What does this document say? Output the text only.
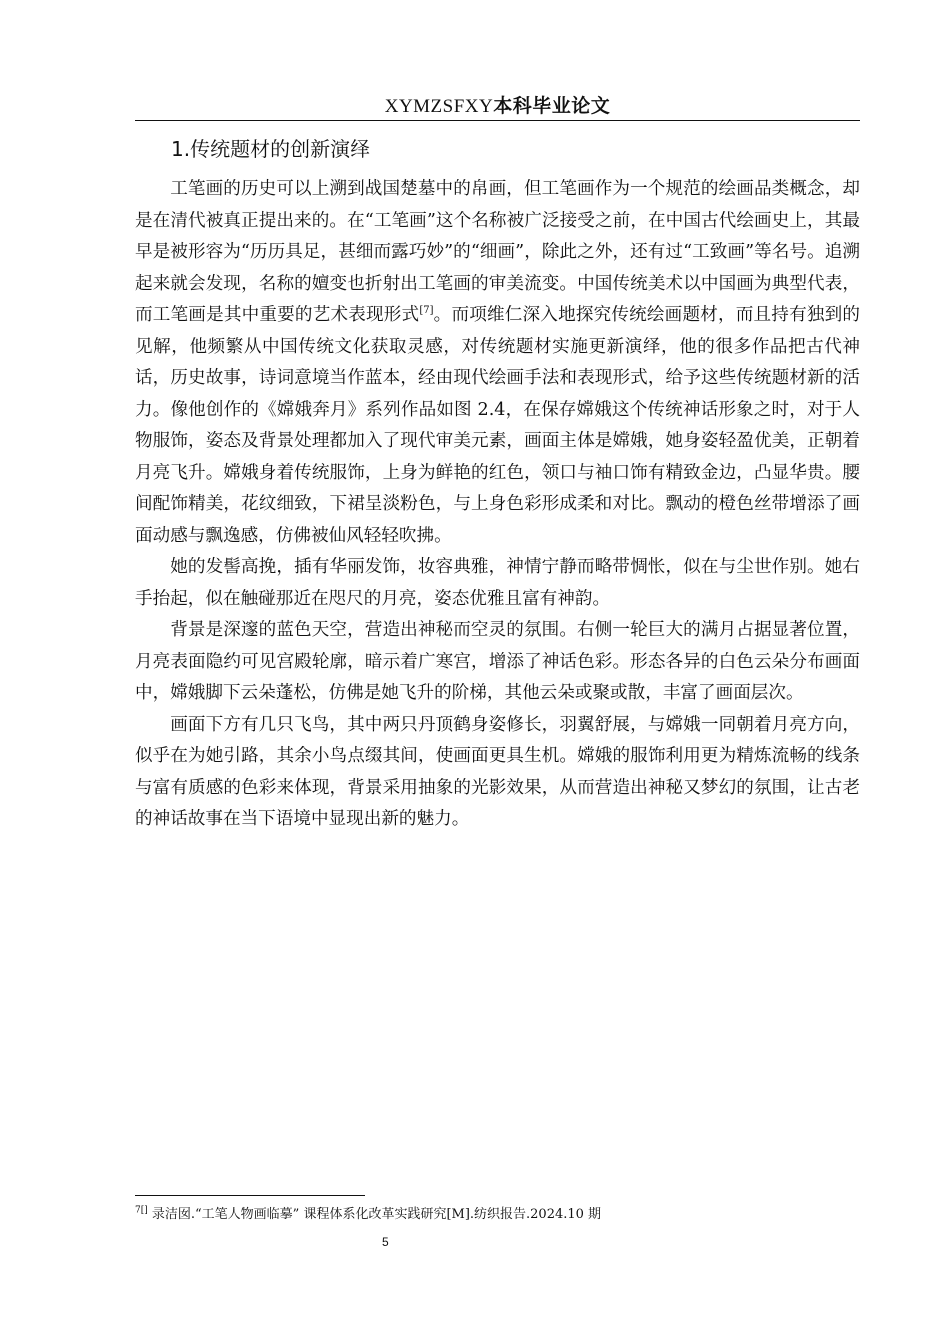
XYMZSFXY本科毕业论文
1.传统题材的创新演绎

工笔画的历史可以上溯到战国楚墓中的帛画，但工笔画作为一个规范的绘画品类概念，却是在清代被真正提出来的。在“工笔画”这个名称被广泛接受之前，在中国古代绘画史上，其最早是被形容为“历历具足，甚细而露巧妙”的“细画”，除此之外，还有过“工致画”等名号。追溯起来就会发现，名称的嬗变也折射出工笔画的审美流变。中国传统美术以中国画为典型代表，而工笔画是其中重要的艺术表现形式[7]。而项维仁深入地探究传统绘画题材，而且持有独到的见解，他频繁从中国传统文化获取灵感，对传统题材实施更新演绎，他的很多作品把古代神话，历史故事，诗词意境当作蓝本，经由现代绘画手法和表现形式，给予这些传统题材新的活力。像他创作的《嫦娥奔月》系列作品如图 2.4，在保存嫦娥这个传统神话形象之时，对于人物服饰，姿态及背景处理都加入了现代审美元素，画面主体是嫦娥，她身姿轻盈优美，正朝着月亮飞升。嫦娥身着传统服饰，上身为鲜艳的红色，领口与袖口饰有精致金边，凸显华贵。腰间配饰精美，花纹细致，下裙呈淡粉色，与上身色彩形成柔和对比。飘动的橙色丝带增添了画面动感与飘逸感，仿佛被仙风轻轻吹拂。

她的发髻高挽，插有华丽发饰，妆容典雅，神情宁静而略带惆怅，似在与尘世作别。她右手抬起，似在触碰那近在咫尺的月亮，姿态优雅且富有神韵。

背景是深邃的蓝色天空，营造出神秘而空灵的氛围。右侧一轮巨大的满月占据显著位置，月亮表面隐约可见宫殿轮廓，暗示着广寒宫，增添了神话色彩。形态各异的白色云朵分布画面中，嫦娥脚下云朵蓬松，仿佛是她飞升的阶梯，其他云朵或聚或散，丰富了画面层次。

画面下方有几只飞鸟，其中两只丹顶鹤身姿修长，羽翼舒展，与嫦娥一同朝着月亮方向，似乎在为她引路，其余小鸟点缀其间，使画面更具生机。嫦娥的服饰利用更为精炼流畅的线条与富有质感的色彩来体现，背景采用抽象的光影效果，从而营造出神秘又梦幻的氛围，让古老的神话故事在当下语境中显现出新的魅力。

$^{7[]}$ 录洁囡.“工笔人物画临摹” 课程体系化改革实践研究[M].纺织报告.2024.10 期
5
